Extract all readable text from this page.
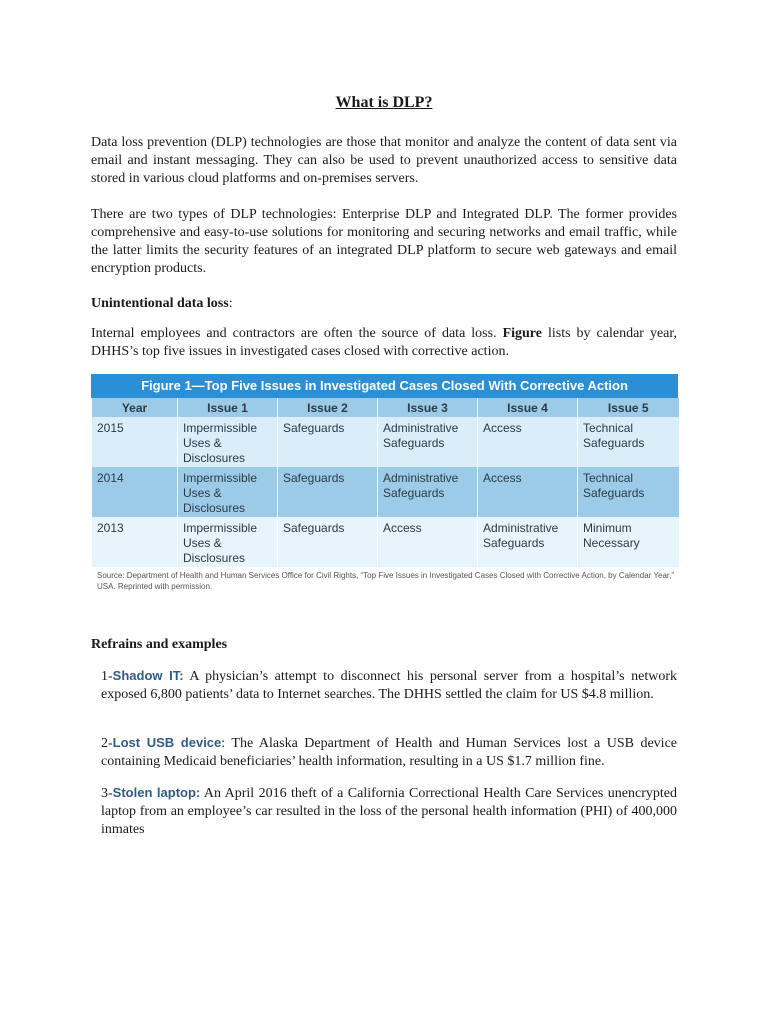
What is DLP?
Data loss prevention (DLP) technologies are those that monitor and analyze the content of data sent via email and instant messaging. They can also be used to prevent unauthorized access to sensitive data stored in various cloud platforms and on-premises servers.
There are two types of DLP technologies: Enterprise DLP and Integrated DLP. The former provides comprehensive and easy-to-use solutions for monitoring and securing networks and email traffic, while the latter limits the security features of an integrated DLP platform to secure web gateways and email encryption products.
Unintentional data loss:
Internal employees and contractors are often the source of data loss. Figure lists by calendar year, DHHS’s top five issues in investigated cases closed with corrective action.
Figure 1—Top Five Issues in Investigated Cases Closed With Corrective Action
Year	Issue 1	Issue 2	Issue 3	Issue 4	Issue 5
2015	Impermissible Uses & Disclosures	Safeguards	Administrative Safeguards	Access	Technical Safeguards
2014	Impermissible Uses & Disclosures	Safeguards	Administrative Safeguards	Access	Technical Safeguards
2013	Impermissible Uses & Disclosures	Safeguards	Access	Administrative Safeguards	Minimum Necessary
Source: Department of Health and Human Services Office for Civil Rights, “Top Five Issues in Investigated Cases Closed with Corrective Action, by Calendar Year,” USA. Reprinted with permission.
Refrains and examples
1-Shadow IT: A physician’s attempt to disconnect his personal server from a hospital’s network exposed 6,800 patients’ data to Internet searches. The DHHS settled the claim for US $4.8 million.
2-Lost USB device: The Alaska Department of Health and Human Services lost a USB device containing Medicaid beneficiaries’ health information, resulting in a US $1.7 million fine.
3-Stolen laptop: An April 2016 theft of a California Correctional Health Care Services unencrypted laptop from an employee’s car resulted in the loss of the personal health information (PHI) of 400,000 inmates
